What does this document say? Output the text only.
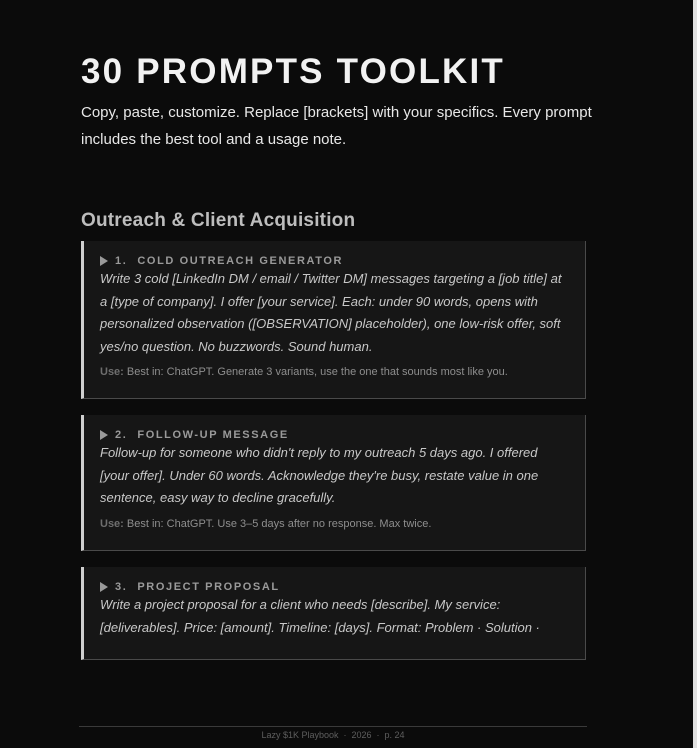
30 PROMPTS TOOLKIT

Copy, paste, customize. Replace [brackets] with your specifics. Every prompt includes the best tool and a usage note.

Outreach & Client Acquisition
1. COLD OUTREACH GENERATOR
Write 3 cold [LinkedIn DM / email / Twitter DM] messages targeting a [job title] at a [type of company]. I offer [your service]. Each: under 90 words, opens with personalized observation ([OBSERVATION] placeholder), one low-risk offer, soft yes/no question. No buzzwords. Sound human.
Use: Best in: ChatGPT. Generate 3 variants, use the one that sounds most like you.
2. FOLLOW-UP MESSAGE
Follow-up for someone who didn't reply to my outreach 5 days ago. I offered [your offer]. Under 60 words. Acknowledge they're busy, restate value in one sentence, easy way to decline gracefully.
Use: Best in: ChatGPT. Use 3–5 days after no response. Max twice.
3. PROJECT PROPOSAL
Write a project proposal for a client who needs [describe]. My service: [deliverables]. Price: [amount]. Timeline: [days]. Format: Problem · Solution ·
Lazy $1K Playbook · 2026 · p. 24
